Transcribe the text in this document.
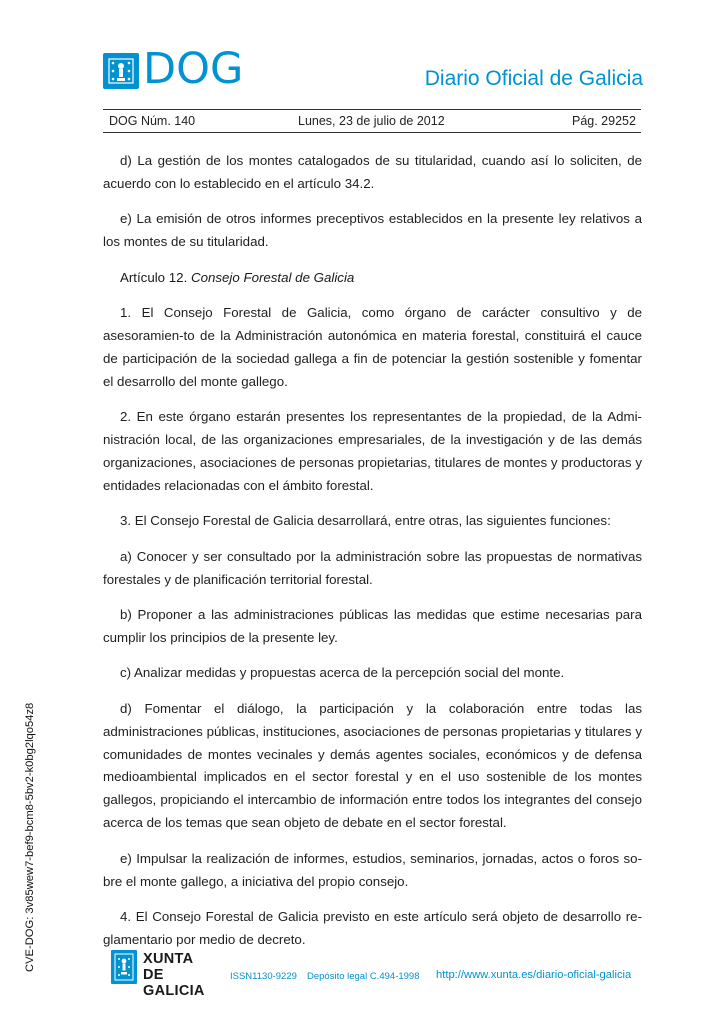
DOG	Diario Oficial de Galicia
DOG Núm. 140	Lunes, 23 de julio de 2012	Pág. 29252

d) La gestión de los montes catalogados de su titularidad, cuando así lo soliciten, de acuerdo con lo establecido en el artículo 34.2.

e) La emisión de otros informes preceptivos establecidos en la presente ley relativos a los montes de su titularidad.

Artículo 12. Consejo Forestal de Galicia

1. El Consejo Forestal de Galicia, como órgano de carácter consultivo y de asesoramien-to de la Administración autonómica en materia forestal, constituirá el cauce de participación de la sociedad gallega a fin de potenciar la gestión sostenible y fomentar el desarrollo del monte gallego.

2. En este órgano estarán presentes los representantes de la propiedad, de la Admi-nistración local, de las organizaciones empresariales, de la investigación y de las demás organizaciones, asociaciones de personas propietarias, titulares de montes y productoras y entidades relacionadas con el ámbito forestal.

3. El Consejo Forestal de Galicia desarrollará, entre otras, las siguientes funciones:

a) Conocer y ser consultado por la administración sobre las propuestas de normativas forestales y de planificación territorial forestal.

b) Proponer a las administraciones públicas las medidas que estime necesarias para cumplir los principios de la presente ley.

c) Analizar medidas y propuestas acerca de la percepción social del monte.

d) Fomentar el diálogo, la participación y la colaboración entre todas las administraciones públicas, instituciones, asociaciones de personas propietarias y titulares y comunidades de montes vecinales y demás agentes sociales, económicos y de defensa medioambiental implicados en el sector forestal y en el uso sostenible de los montes gallegos, propiciando el intercambio de información entre todos los integrantes del consejo acerca de los temas que sean objeto de debate en el sector forestal.

e) Impulsar la realización de informes, estudios, seminarios, jornadas, actos o foros so-bre el monte gallego, a iniciativa del propio consejo.

4. El Consejo Forestal de Galicia previsto en este artículo será objeto de desarrollo re-glamentario por medio de decreto.

CVE-DOG: 3v85wew7-bef9-bcm8-5bv2-k0bg2lqo54z8	XUNTA
DE GALICIA
ISSN1130-9229 Depósito legal C.494-1998 http://www.xunta.es/diario-oficial-galicia
